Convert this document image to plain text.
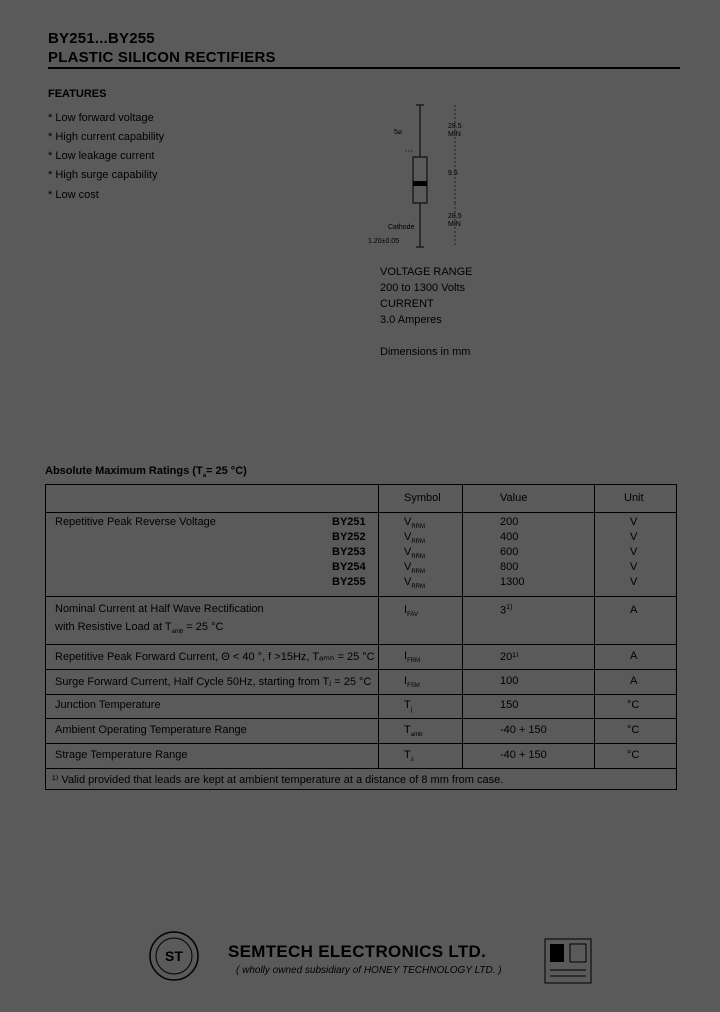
BY251...BY255
PLASTIC SILICON RECTIFIERS
FEATURES
* Low forward voltage
* High current capability
* Low leakage current
* High surge capability
* Low cost
28.5
MIN
9.5
28.5
MIN
5⌀
Cathode
1.20±0.05
VOLTAGE RANGE
200 to 1300 Volts
CURRENT
3.0 Amperes
Dimensions in mm
Absolute Maximum Ratings ($T_a= 25$ °C)
Symbol	Value	Unit
Repetitive Peak Reverse Voltage	BY251	$V_{RRM}$	200	V
BY252	$V_{RRM}$	400	V
BY253	$V_{RRM}$	600	V
BY254	$V_{RRM}$	800	V
BY255	$V_{RRM}$	1300	V
Nominal Current at Half Wave Rectification
with Resistive Load at $T_{amb} = 25$ °C
$I_{FAV}$	3$^{1)}$	A
Repetitive Peak Forward Current, Θ < 40 °, f >15Hz, Tₐₘₕ = 25 °C	$I_{FRM}$	20¹⁾	A
Surge Forward Current, Half Cycle 50Hz, starting from Tⱼ = 25 °C	$I_{FSM}$	100	A
Junction Temperature	$T_j$	150	°C
Ambient Operating Temperature Range	$T_{amb}$	-40 + 150	°C
Strage Temperature Range	$T_s$	-40 + 150	°C
¹⁾ Valid provided that leads are kept at ambient temperature at a distance of 8 mm from case.
ST	SEMTECH ELECTRONICS LTD.
( wholly owned subsidiary of HONEY TECHNOLOGY LTD. )
